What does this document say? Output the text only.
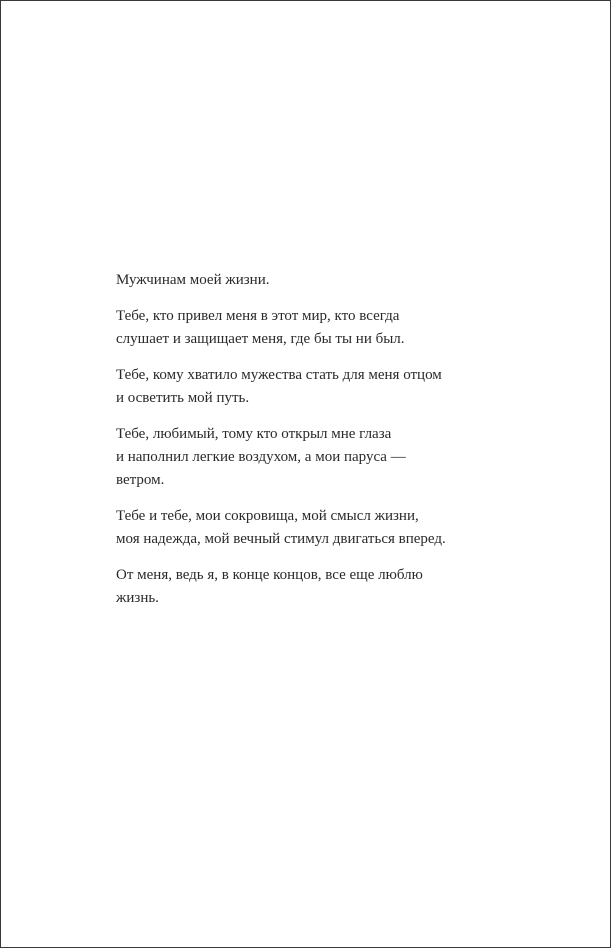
Мужчинам моей жизни.

Тебе, кто привел меня в этот мир, кто всегда
слушает и защищает меня, где бы ты ни был.

Тебе, кому хватило мужества стать для меня отцом
и осветить мой путь.

Тебе, любимый, тому кто открыл мне глаза
и наполнил легкие воздухом, а мои паруса —
ветром.

Тебе и тебе, мои сокровища, мой смысл жизни,
моя надежда, мой вечный стимул двигаться вперед.

От меня, ведь я, в конце концов, все еще люблю
жизнь.
